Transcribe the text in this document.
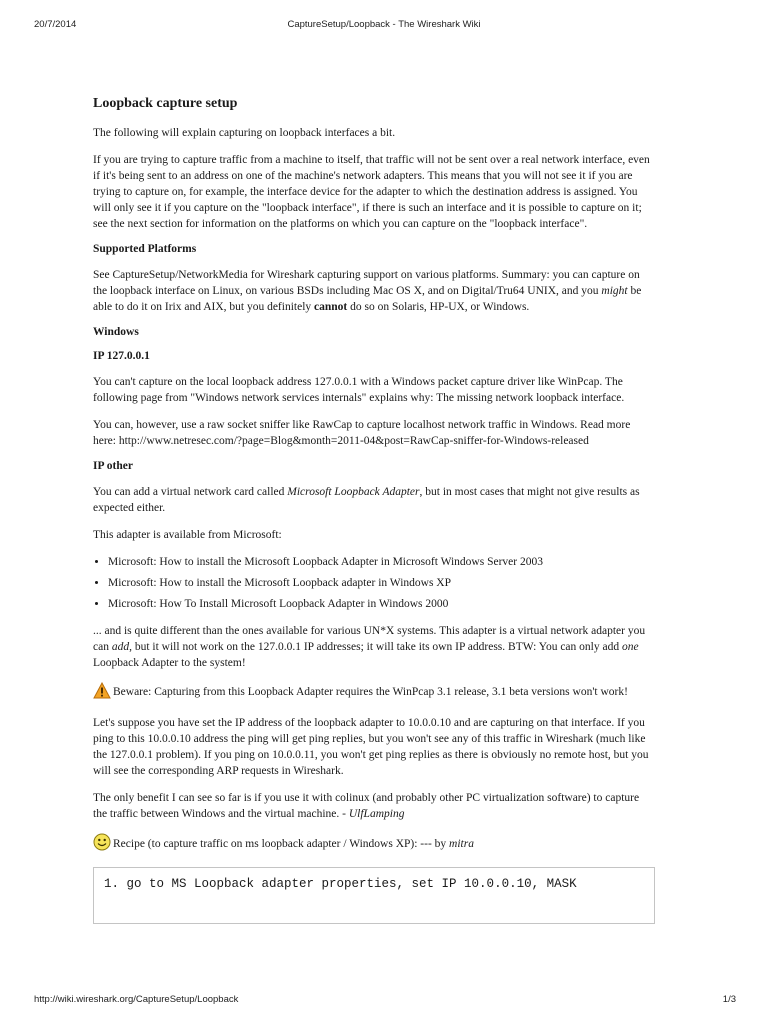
20/7/2014	CaptureSetup/Loopback - The Wireshark Wiki
Loopback capture setup

The following will explain capturing on loopback interfaces a bit.

If you are trying to capture traffic from a machine to itself, that traffic will not be sent over a real network interface, even if it's being sent to an address on one of the machine's network adapters. This means that you will not see it if you are trying to capture on, for example, the interface device for the adapter to which the destination address is assigned. You will only see it if you capture on the "loopback interface", if there is such an interface and it is possible to capture on it; see the next section for information on the platforms on which you can capture on the "loopback interface".

Supported Platforms

See CaptureSetup/NetworkMedia for Wireshark capturing support on various platforms. Summary: you can capture on the loopback interface on Linux, on various BSDs including Mac OS X, and on Digital/Tru64 UNIX, and you might be able to do it on Irix and AIX, but you definitely cannot do so on Solaris, HP-UX, or Windows.

Windows
IP 127.0.0.1

You can't capture on the local loopback address 127.0.0.1 with a Windows packet capture driver like WinPcap. The following page from "Windows network services internals" explains why: The missing network loopback interface.

You can, however, use a raw socket sniffer like RawCap to capture localhost network traffic in Windows. Read more here: http://www.netresec.com/?page=Blog&month=2011-04&post=RawCap-sniffer-for-Windows-released

IP other

You can add a virtual network card called Microsoft Loopback Adapter, but in most cases that might not give results as expected either.

This adapter is available from Microsoft:

• Microsoft: How to install the Microsoft Loopback Adapter in Microsoft Windows Server 2003
• Microsoft: How to install the Microsoft Loopback adapter in Windows XP
• Microsoft: How To Install Microsoft Loopback Adapter in Windows 2000

... and is quite different than the ones available for various UN*X systems. This adapter is a virtual network adapter you can add, but it will not work on the 127.0.0.1 IP addresses; it will take its own IP address. BTW: You can only add one Loopback Adapter to the system!

Beware: Capturing from this Loopback Adapter requires the WinPcap 3.1 release, 3.1 beta versions won't work!

Let's suppose you have set the IP address of the loopback adapter to 10.0.0.10 and are capturing on that interface. If you ping to this 10.0.0.10 address the ping will get ping replies, but you won't see any of this traffic in Wireshark (much like the 127.0.0.1 problem). If you ping on 10.0.0.11, you won't get ping replies as there is obviously no remote host, but you will see the corresponding ARP requests in Wireshark.

The only benefit I can see so far is if you use it with colinux (and probably other PC virtualization software) to capture the traffic between Windows and the virtual machine. - UlfLamping

Recipe (to capture traffic on ms loopback adapter / Windows XP): --- by mitra

1. go to MS Loopback adapter properties, set IP 10.0.0.10, MASK
http://wiki.wireshark.org/CaptureSetup/Loopback	1/3
